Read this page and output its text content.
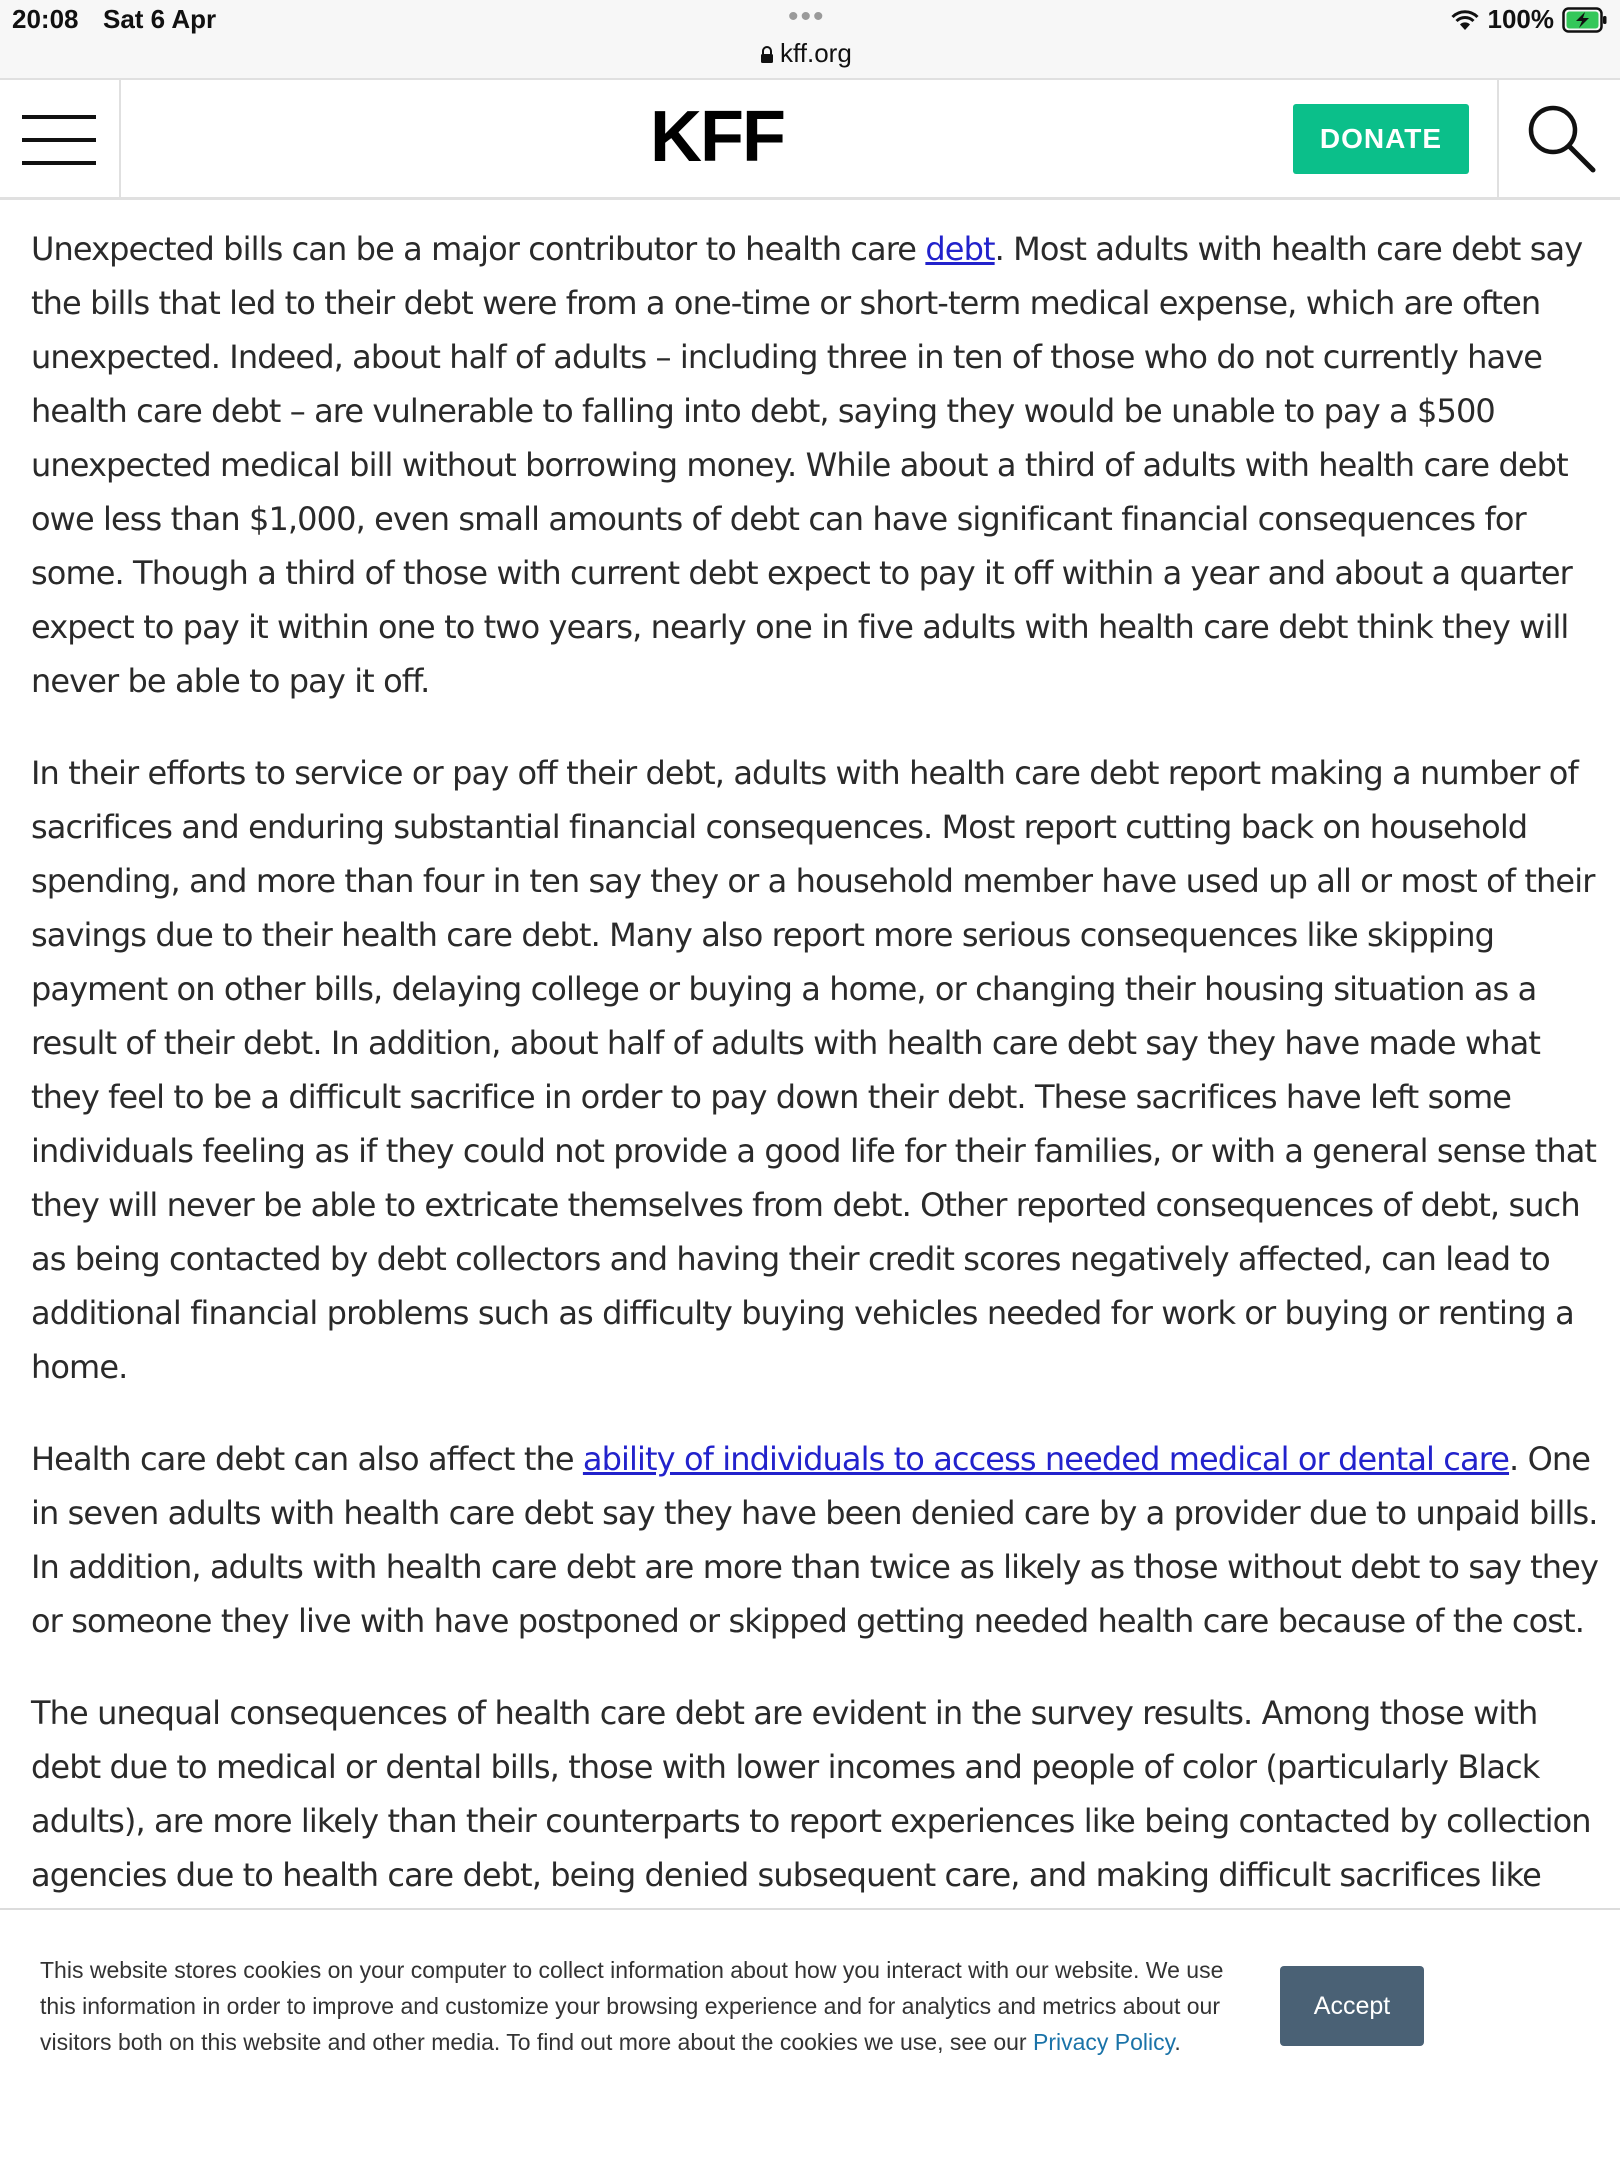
20:08 Sat 6 Apr	•••
kff.org
100%
KFF	DONATE

Unexpected bills can be a major contributor to health care debt. Most adults with health care debt say the bills that led to their debt were from a one-time or short-term medical expense, which are often unexpected. Indeed, about half of adults – including three in ten of those who do not currently have health care debt – are vulnerable to falling into debt, saying they would be unable to pay a $500 unexpected medical bill without borrowing money. While about a third of adults with health care debt owe less than $1,000, even small amounts of debt can have significant financial consequences for some. Though a third of those with current debt expect to pay it off within a year and about a quarter expect to pay it within one to two years, nearly one in five adults with health care debt think they will never be able to pay it off.

In their efforts to service or pay off their debt, adults with health care debt report making a number of sacrifices and enduring substantial financial consequences. Most report cutting back on household spending, and more than four in ten say they or a household member have used up all or most of their savings due to their health care debt. Many also report more serious consequences like skipping payment on other bills, delaying college or buying a home, or changing their housing situation as a result of their debt. In addition, about half of adults with health care debt say they have made what they feel to be a difficult sacrifice in order to pay down their debt. These sacrifices have left some individuals feeling as if they could not provide a good life for their families, or with a general sense that they will never be able to extricate themselves from debt. Other reported consequences of debt, such as being contacted by debt collectors and having their credit scores negatively affected, can lead to additional financial problems such as difficulty buying vehicles needed for work or buying or renting a home.

Health care debt can also affect the ability of individuals to access needed medical or dental care. One in seven adults with health care debt say they have been denied care by a provider due to unpaid bills. In addition, adults with health care debt are more than twice as likely as those without debt to say they or someone they live with have postponed or skipped getting needed health care because of the cost.

The unequal consequences of health care debt are evident in the survey results. Among those with debt due to medical or dental bills, those with lower incomes and people of color (particularly Black adults), are more likely than their counterparts to report experiences like being contacted by collection agencies due to health care debt, being denied subsequent care, and making difficult sacrifices like

This website stores cookies on your computer to collect information about how you interact with our website. We use this information in order to improve and customize your browsing experience and for analytics and metrics about our visitors both on this website and other media. To find out more about the cookies we use, see our Privacy Policy.
Accept
